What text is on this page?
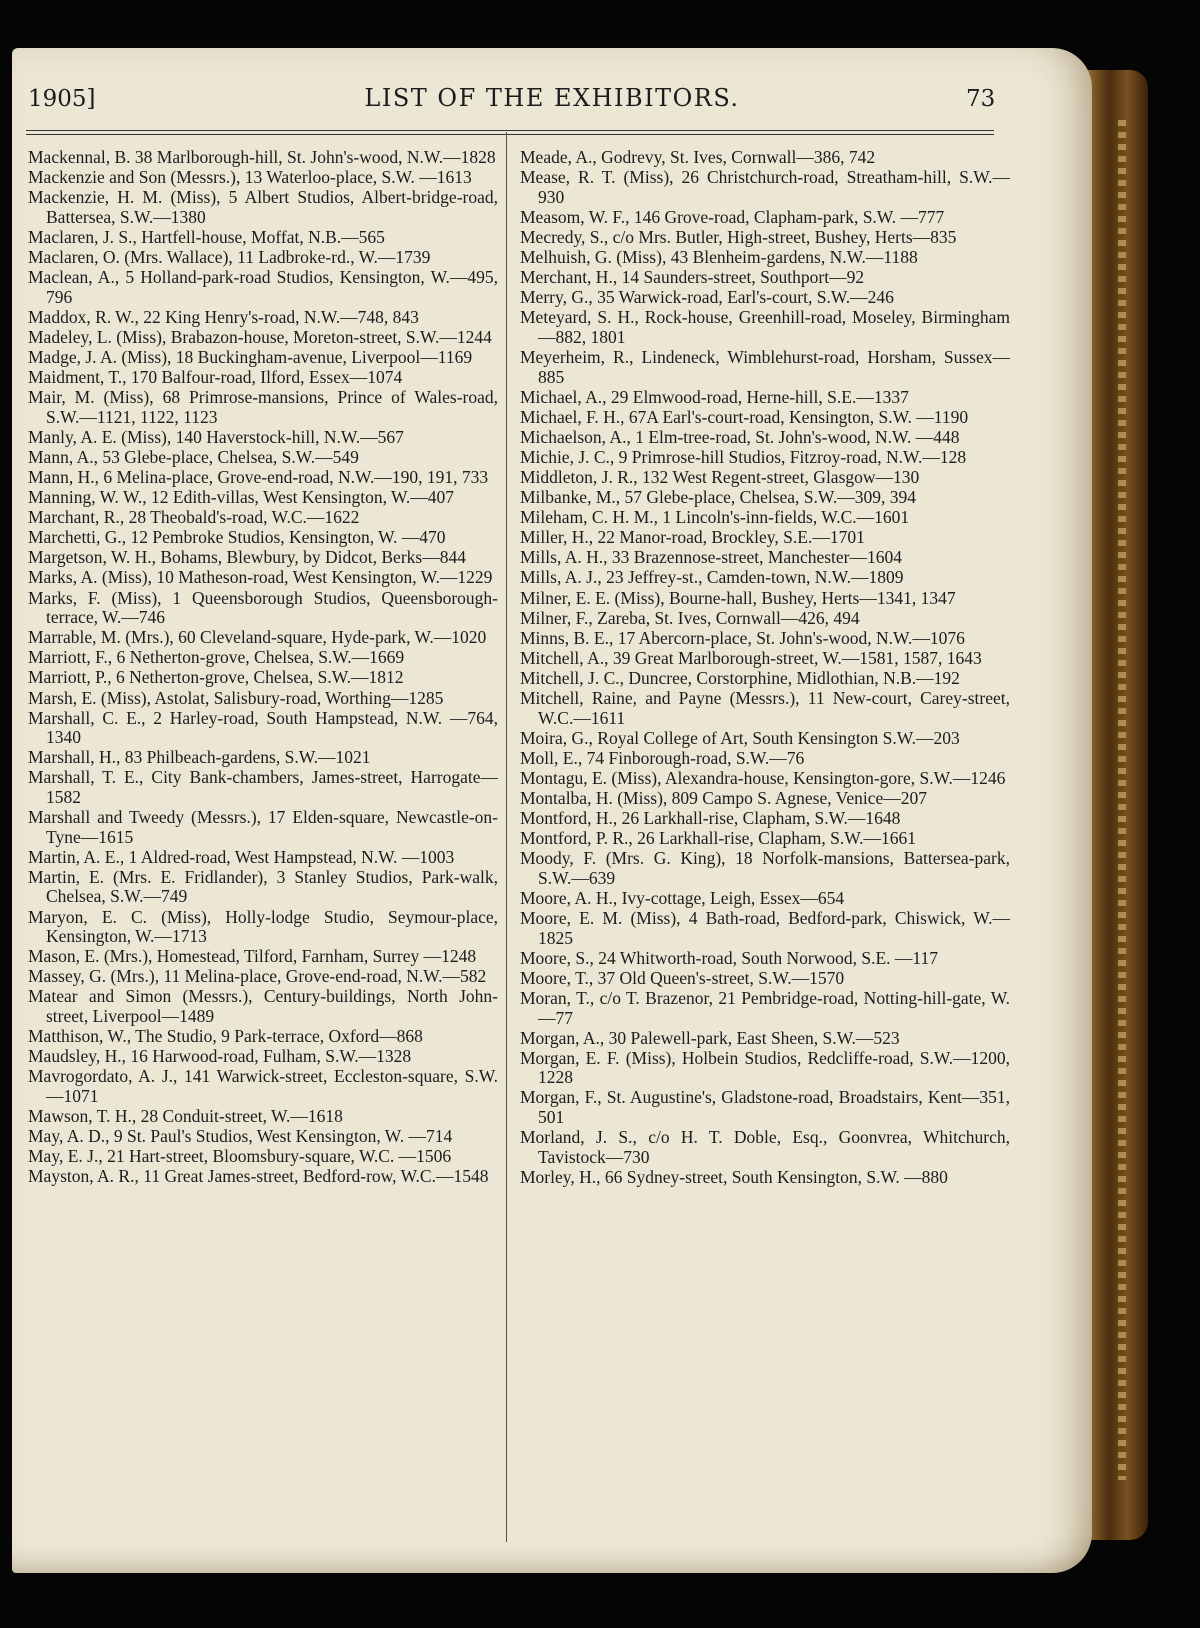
1905]	LIST OF THE EXHIBITORS.	73
Mackennal, B. 38 Marlborough-hill, St. John's-wood, N.W.—1828
Mackenzie and Son (Messrs.), 13 Waterloo-place, S.W. —1613
Mackenzie, H. M. (Miss), 5 Albert Studios, Albert-bridge-road, Battersea, S.W.—1380
Maclaren, J. S., Hartfell-house, Moffat, N.B.—565
Maclaren, O. (Mrs. Wallace), 11 Ladbroke-rd., W.—1739
Maclean, A., 5 Holland-park-road Studios, Kensington, W.—495, 796
Maddox, R. W., 22 King Henry's-road, N.W.—748, 843
Madeley, L. (Miss), Brabazon-house, Moreton-street, S.W.—1244
Madge, J. A. (Miss), 18 Buckingham-avenue, Liverpool—1169
Maidment, T., 170 Balfour-road, Ilford, Essex—1074
Mair, M. (Miss), 68 Primrose-mansions, Prince of Wales-road, S.W.—1121, 1122, 1123
Manly, A. E. (Miss), 140 Haverstock-hill, N.W.—567
Mann, A., 53 Glebe-place, Chelsea, S.W.—549
Mann, H., 6 Melina-place, Grove-end-road, N.W.—190, 191, 733
Manning, W. W., 12 Edith-villas, West Kensington, W.—407
Marchant, R., 28 Theobald's-road, W.C.—1622
Marchetti, G., 12 Pembroke Studios, Kensington, W. —470
Margetson, W. H., Bohams, Blewbury, by Didcot, Berks—844
Marks, A. (Miss), 10 Matheson-road, West Kensington, W.—1229
Marks, F. (Miss), 1 Queensborough Studios, Queensborough-terrace, W.—746
Marrable, M. (Mrs.), 60 Cleveland-square, Hyde-park, W.—1020
Marriott, F., 6 Netherton-grove, Chelsea, S.W.—1669
Marriott, P., 6 Netherton-grove, Chelsea, S.W.—1812
Marsh, E. (Miss), Astolat, Salisbury-road, Worthing—1285
Marshall, C. E., 2 Harley-road, South Hampstead, N.W. —764, 1340
Marshall, H., 83 Philbeach-gardens, S.W.—1021
Marshall, T. E., City Bank-chambers, James-street, Harrogate—1582
Marshall and Tweedy (Messrs.), 17 Elden-square, Newcastle-on-Tyne—1615
Martin, A. E., 1 Aldred-road, West Hampstead, N.W. —1003
Martin, E. (Mrs. E. Fridlander), 3 Stanley Studios, Park-walk, Chelsea, S.W.—749
Maryon, E. C. (Miss), Holly-lodge Studio, Seymour-place, Kensington, W.—1713
Mason, E. (Mrs.), Homestead, Tilford, Farnham, Surrey —1248
Massey, G. (Mrs.), 11 Melina-place, Grove-end-road, N.W.—582
Matear and Simon (Messrs.), Century-buildings, North John-street, Liverpool—1489
Matthison, W., The Studio, 9 Park-terrace, Oxford—868
Maudsley, H., 16 Harwood-road, Fulham, S.W.—1328
Mavrogordato, A. J., 141 Warwick-street, Eccleston-square, S.W.—1071
Mawson, T. H., 28 Conduit-street, W.—1618
May, A. D., 9 St. Paul's Studios, West Kensington, W. —714
May, E. J., 21 Hart-street, Bloomsbury-square, W.C. —1506
Mayston, A. R., 11 Great James-street, Bedford-row, W.C.—1548
Meade, A., Godrevy, St. Ives, Cornwall—386, 742
Mease, R. T. (Miss), 26 Christchurch-road, Streatham-hill, S.W.—930
Measom, W. F., 146 Grove-road, Clapham-park, S.W. —777
Mecredy, S., c/o Mrs. Butler, High-street, Bushey, Herts—835
Melhuish, G. (Miss), 43 Blenheim-gardens, N.W.—1188
Merchant, H., 14 Saunders-street, Southport—92
Merry, G., 35 Warwick-road, Earl's-court, S.W.—246
Meteyard, S. H., Rock-house, Greenhill-road, Moseley, Birmingham—882, 1801
Meyerheim, R., Lindeneck, Wimblehurst-road, Horsham, Sussex—885
Michael, A., 29 Elmwood-road, Herne-hill, S.E.—1337
Michael, F. H., 67A Earl's-court-road, Kensington, S.W. —1190
Michaelson, A., 1 Elm-tree-road, St. John's-wood, N.W. —448
Michie, J. C., 9 Primrose-hill Studios, Fitzroy-road, N.W.—128
Middleton, J. R., 132 West Regent-street, Glasgow—130
Milbanke, M., 57 Glebe-place, Chelsea, S.W.—309, 394
Mileham, C. H. M., 1 Lincoln's-inn-fields, W.C.—1601
Miller, H., 22 Manor-road, Brockley, S.E.—1701
Mills, A. H., 33 Brazennose-street, Manchester—1604
Mills, A. J., 23 Jeffrey-st., Camden-town, N.W.—1809
Milner, E. E. (Miss), Bourne-hall, Bushey, Herts—1341, 1347
Milner, F., Zareba, St. Ives, Cornwall—426, 494
Minns, B. E., 17 Abercorn-place, St. John's-wood, N.W.—1076
Mitchell, A., 39 Great Marlborough-street, W.—1581, 1587, 1643
Mitchell, J. C., Duncree, Corstorphine, Midlothian, N.B.—192
Mitchell, Raine, and Payne (Messrs.), 11 New-court, Carey-street, W.C.—1611
Moira, G., Royal College of Art, South Kensington S.W.—203
Moll, E., 74 Finborough-road, S.W.—76
Montagu, E. (Miss), Alexandra-house, Kensington-gore, S.W.—1246
Montalba, H. (Miss), 809 Campo S. Agnese, Venice—207
Montford, H., 26 Larkhall-rise, Clapham, S.W.—1648
Montford, P. R., 26 Larkhall-rise, Clapham, S.W.—1661
Moody, F. (Mrs. G. King), 18 Norfolk-mansions, Battersea-park, S.W.—639
Moore, A. H., Ivy-cottage, Leigh, Essex—654
Moore, E. M. (Miss), 4 Bath-road, Bedford-park, Chiswick, W.—1825
Moore, S., 24 Whitworth-road, South Norwood, S.E. —117
Moore, T., 37 Old Queen's-street, S.W.—1570
Moran, T., c/o T. Brazenor, 21 Pembridge-road, Notting-hill-gate, W.—77
Morgan, A., 30 Palewell-park, East Sheen, S.W.—523
Morgan, E. F. (Miss), Holbein Studios, Redcliffe-road, S.W.—1200, 1228
Morgan, F., St. Augustine's, Gladstone-road, Broadstairs, Kent—351, 501
Morland, J. S., c/o H. T. Doble, Esq., Goonvrea, Whitchurch, Tavistock—730
Morley, H., 66 Sydney-street, South Kensington, S.W. —880
